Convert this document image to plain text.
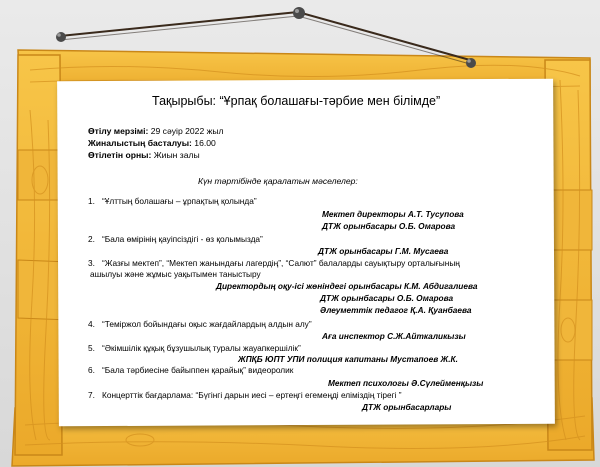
Тақырыбы: “Ұрпақ болашағы-тәрбие мен білімде”
Өтілу мерзімі: 29 сәуір 2022 жыл
Жиналыстың басталуы: 16.00
Өтілетін орны: Жиын залы
Күн тәртібінде қаралатын мәселелер:
1. “Ұлттың болашағы – ұрпақтың қолында”
Мектеп директоры А.Т. Тусупова
ДТЖ орынбасары О.Б. Омарова
2. “Бала өмірінің қауіпсіздігі - өз қолымызда”
ДТЖ орынбасары Г.М. Мусаева
3. “Жазғы мектеп”, “Мектеп жанындағы лагердің”, “Салют” балаларды сауықтыру орталығының
ашылуы және жұмыс уақытымен таныстыру
Директордың оқу-ісі жөніндегі орынбасары К.М. Абдигалиева
ДТЖ орынбасары О.Б. Омарова
Әлеуметтік педагог Қ.А. Қуанбаева
4. “Теміржол бойындағы оқыс жағдайлардың алдын алу”
Аға инспектор С.Ж.Айткаликызы
5. “Әкімшілік құқық бұзушылық туралы жауапкершілік”
ЖПҚБ ЮПТ УПИ полиция капитаны Мустапоев Ж.К.
6. “Бала тәрбиесіне байыппен қарайық” видеоролик
Мектеп психологы Ә.Сүлейменқызы
7. Концерттік бағдарлама: “Бүгінгі дарын иесі – ертеңгі егемеңді еліміздің тірегі ”
ДТЖ орынбасарлары
